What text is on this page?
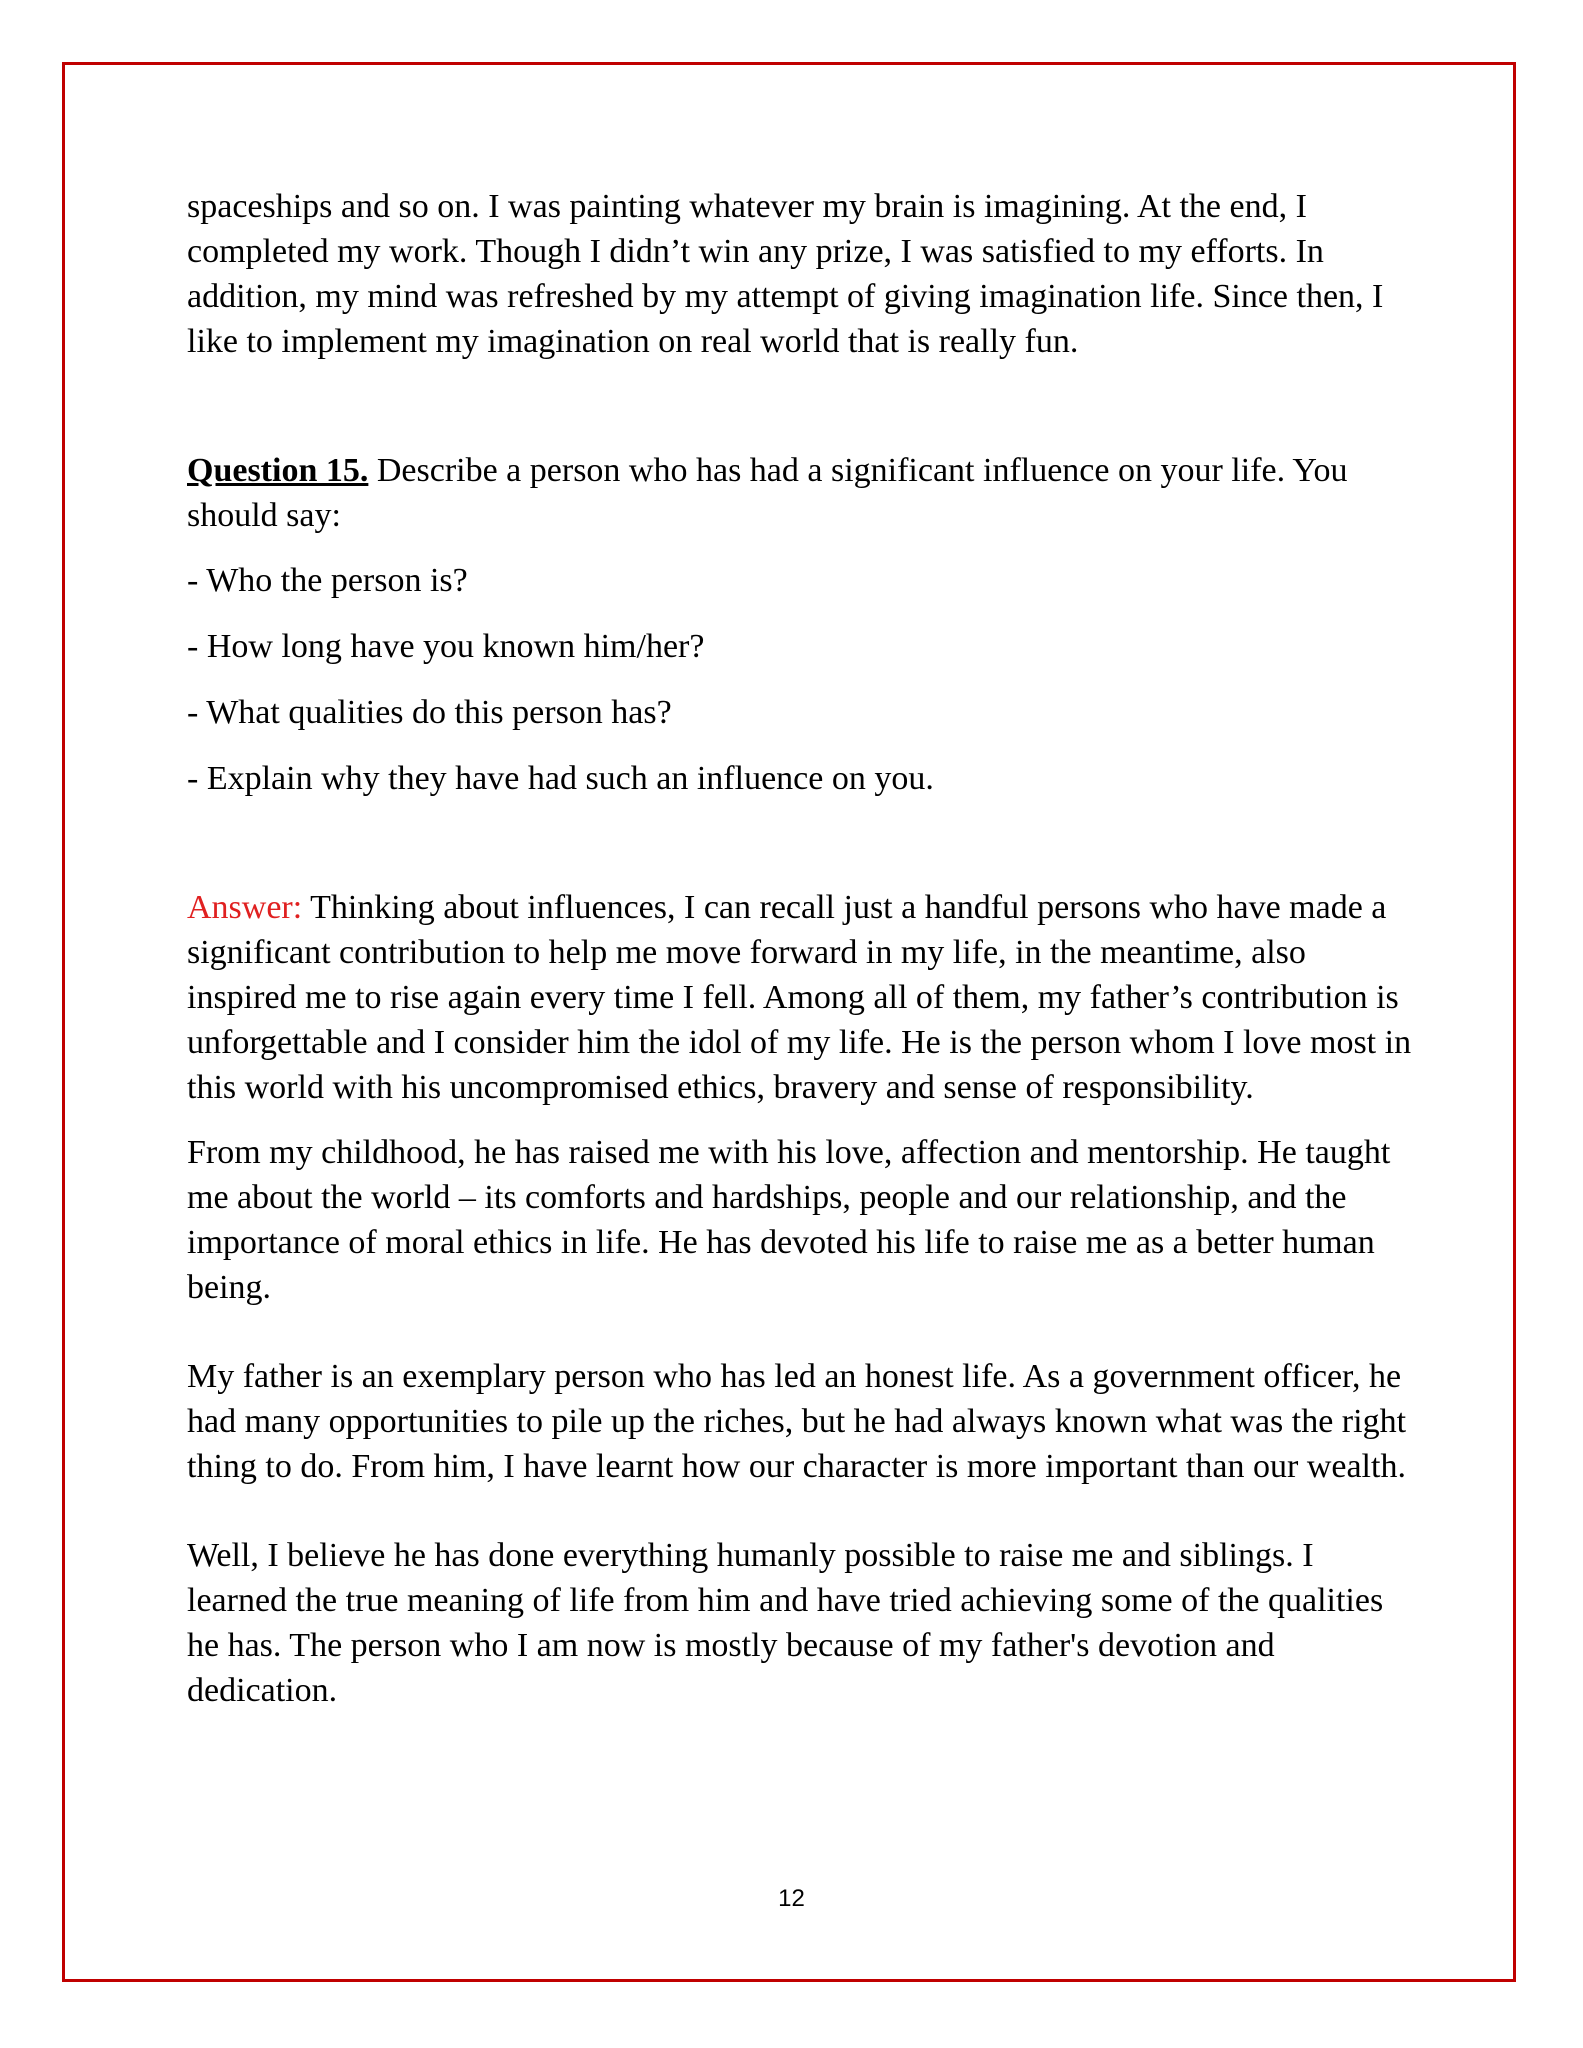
spaceships and so on. I was painting whatever my brain is imagining. At the end, I completed my work. Though I didn’t win any prize, I was satisfied to my efforts. In addition, my mind was refreshed by my attempt of giving imagination life. Since then, I like to implement my imagination on real world that is really fun.

Question 15. Describe a person who has had a significant influence on your life. You should say:

- Who the person is?
- How long have you known him/her?
- What qualities do this person has?
- Explain why they have had such an influence on you.

Answer: Thinking about influences, I can recall just a handful persons who have made a significant contribution to help me move forward in my life, in the meantime, also inspired me to rise again every time I fell. Among all of them, my father’s contribution is unforgettable and I consider him the idol of my life. He is the person whom I love most in this world with his uncompromised ethics, bravery and sense of responsibility.

From my childhood, he has raised me with his love, affection and mentorship. He taught me about the world – its comforts and hardships, people and our relationship, and the importance of moral ethics in life. He has devoted his life to raise me as a better human being.

My father is an exemplary person who has led an honest life. As a government officer, he had many opportunities to pile up the riches, but he had always known what was the right thing to do. From him, I have learnt how our character is more important than our wealth.

Well, I believe he has done everything humanly possible to raise me and siblings. I learned the true meaning of life from him and have tried achieving some of the qualities he has. The person who I am now is mostly because of my father's devotion and dedication.

12
